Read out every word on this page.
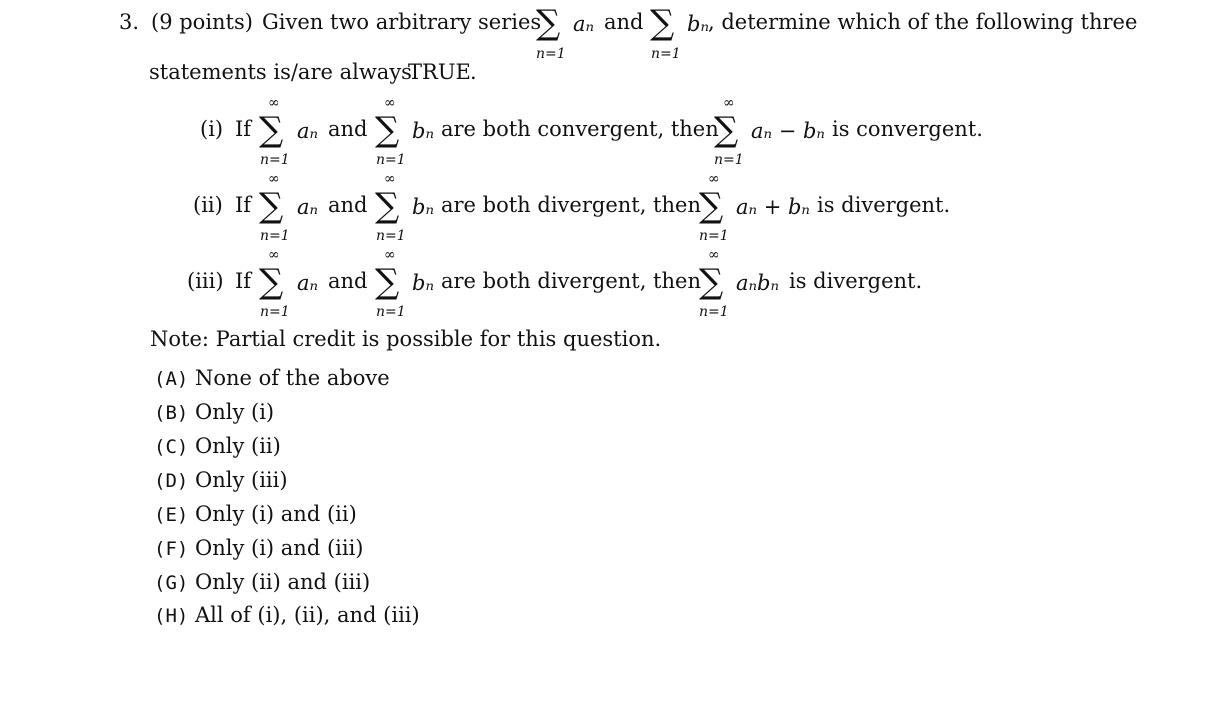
3. (9 points) Given two arbitrary series
∑
n=1
aₙ and ∑
n=1
bₙ , determine which of the following three
statements is/are always
TRUE .
(i) If
∞
∑
n=1
aₙ and
∞
∑
n=1
bₙ are both convergent, then
∞
∑
n=1
aₙ − bₙ is convergent.
(ii) If
∞
∑
n=1
aₙ and
∞
∑
n=1
bₙ are both divergent, then
∞
∑
n=1
aₙ + bₙ is divergent.
(iii) If
∞
∑
n=1
aₙ and
∞
∑
n=1
bₙ are both divergent, then
∞
∑
n=1
aₙbₙ is divergent.
Note: Partial credit is possible for this question.
(A) None of the above
(B) Only (i)
(C) Only (ii)
(D) Only (iii)
(E) Only (i) and (ii)
(F) Only (i) and (iii)
(G) Only (ii) and (iii)
(H) All of (i), (ii), and (iii)
